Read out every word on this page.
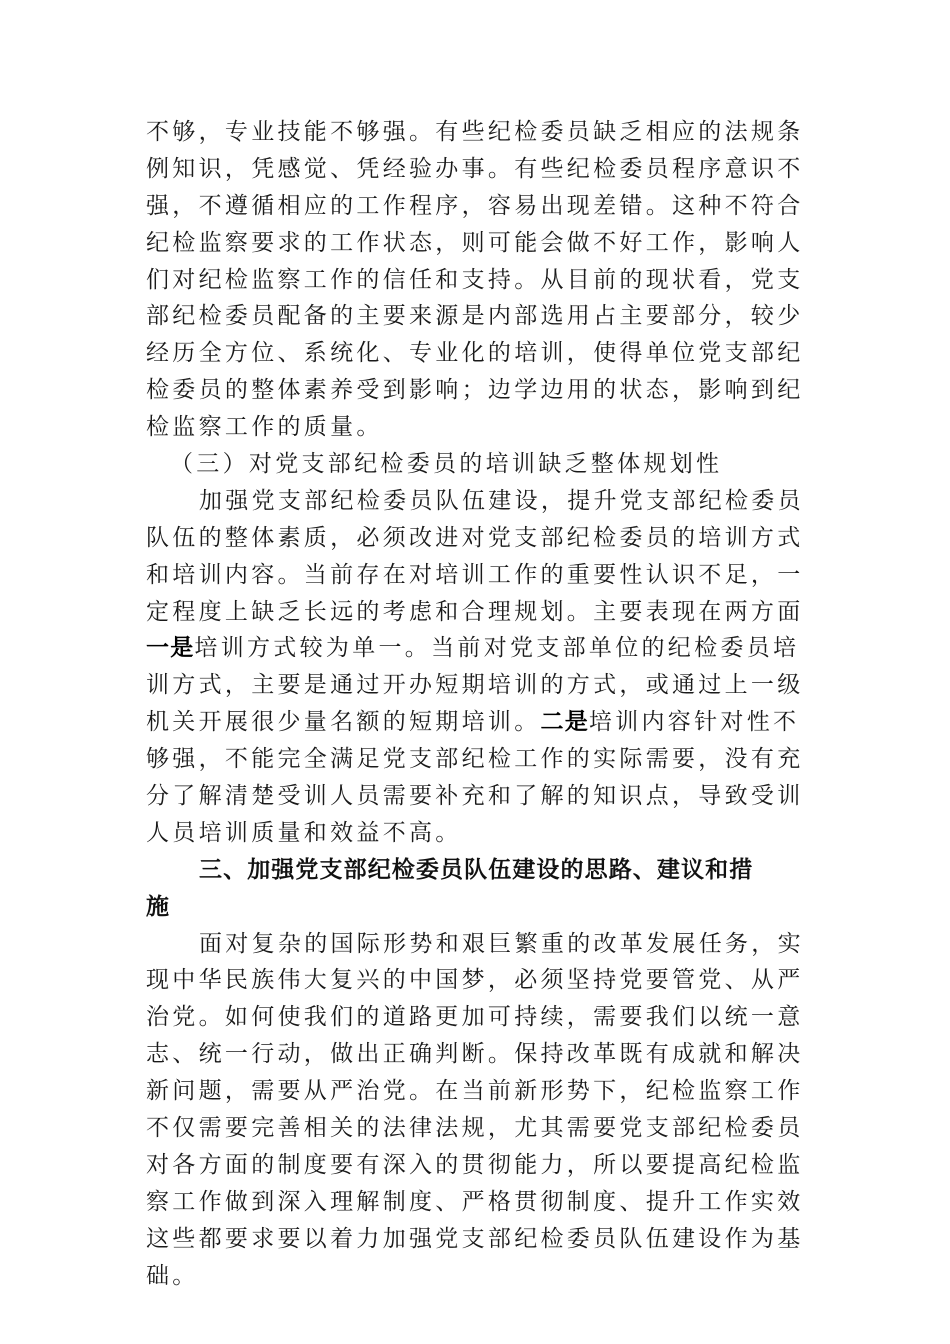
不够，专业技能不够强。有些纪检委员缺乏相应的法规条
例知识，凭感觉、凭经验办事。有些纪检委员程序意识不
强，不遵循相应的工作程序，容易出现差错。这种不符合
纪检监察要求的工作状态，则可能会做不好工作，影响人
们对纪检监察工作的信任和支持。从目前的现状看，党支
部纪检委员配备的主要来源是内部选用占主要部分，较少
经历全方位、系统化、专业化的培训，使得单位党支部纪
检委员的整体素养受到影响；边学边用的状态，影响到纪
检监察工作的质量。
（三）对党支部纪检委员的培训缺乏整体规划性
加强党支部纪检委员队伍建设，提升党支部纪检委员
队伍的整体素质，必须改进对党支部纪检委员的培训方式
和培训内容。当前存在对培训工作的重要性认识不足，一
定程度上缺乏长远的考虑和合理规划。主要表现在两方面
一是培训方式较为单一。当前对党支部单位的纪检委员培
训方式，主要是通过开办短期培训的方式，或通过上一级
机关开展很少量名额的短期培训。二是培训内容针对性不
够强，不能完全满足党支部纪检工作的实际需要，没有充
分了解清楚受训人员需要补充和了解的知识点，导致受训
人员培训质量和效益不高。
三、加强党支部纪检委员队伍建设的思路、建议和措
施
面对复杂的国际形势和艰巨繁重的改革发展任务，实
现中华民族伟大复兴的中国梦，必须坚持党要管党、从严
治党。如何使我们的道路更加可持续，需要我们以统一意
志、统一行动，做出正确判断。保持改革既有成就和解决
新问题，需要从严治党。在当前新形势下，纪检监察工作
不仅需要完善相关的法律法规，尤其需要党支部纪检委员
对各方面的制度要有深入的贯彻能力，所以要提高纪检监
察工作做到深入理解制度、严格贯彻制度、提升工作实效
这些都要求要以着力加强党支部纪检委员队伍建设作为基
础。
